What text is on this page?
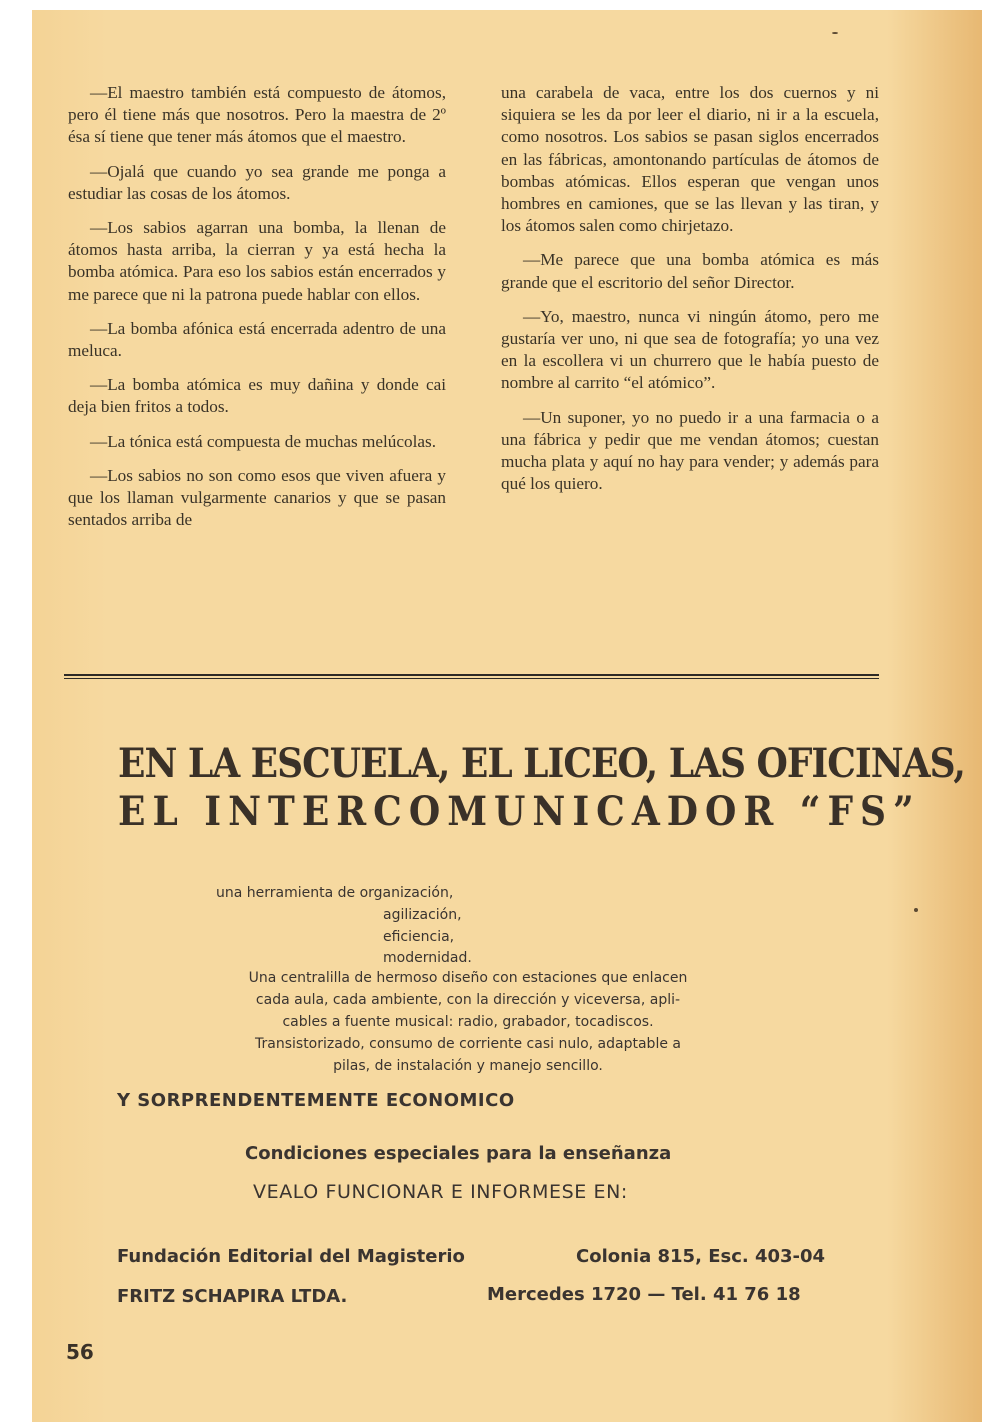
—El maestro también está compuesto de átomos, pero él tiene más que nosotros. Pero la maestra de 2º ésa sí tiene que tener más átomos que el maestro.

—Ojalá que cuando yo sea grande me ponga a estudiar las cosas de los átomos.

—Los sabios agarran una bomba, la llenan de átomos hasta arriba, la cierran y ya está hecha la bomba atómica. Para eso los sabios están encerrados y me parece que ni la patrona puede hablar con ellos.

—La bomba afónica está encerrada adentro de una meluca.

—La bomba atómica es muy dañina y donde cai deja bien fritos a todos.

—La tónica está compuesta de muchas melúcolas.

—Los sabios no son como esos que viven afuera y que los llaman vulgarmente canarios y que se pasan sentados arriba de

una carabela de vaca, entre los dos cuernos y ni siquiera se les da por leer el diario, ni ir a la escuela, como nosotros. Los sabios se pasan siglos encerrados en las fábricas, amontonando partículas de átomos de bombas atómicas. Ellos esperan que vengan unos hombres en camiones, que se las llevan y las tiran, y los átomos salen como chirjetazo.

—Me parece que una bomba atómica es más grande que el escritorio del señor Director.

—Yo, maestro, nunca vi ningún átomo, pero me gustaría ver uno, ni que sea de fotografía; yo una vez en la escollera vi un churrero que le había puesto de nombre al carrito “el atómico”.

—Un suponer, yo no puedo ir a una farmacia o a una fábrica y pedir que me vendan átomos; cuestan mucha plata y aquí no hay para vender; y además para qué los quiero.

EN LA ESCUELA, EL LICEO, LAS OFICINAS,
EL INTERCOMUNICADOR “FS”
una herramienta de organización,
agilización,
eficiencia,
modernidad.
Una centralilla de hermoso diseño con estaciones que enlacen
cada aula, cada ambiente, con la dirección y viceversa, apli-
cables a fuente musical: radio, grabador, tocadiscos.
Transistorizado, consumo de corriente casi nulo, adaptable a
pilas, de instalación y manejo sencillo.
Y SORPRENDENTEMENTE ECONOMICO
Condiciones especiales para la enseñanza
VEALO FUNCIONAR E INFORMESE EN:
Fundación Editorial del Magisterio	Colonia 815, Esc. 403-04
FRITZ SCHAPIRA LTDA.	Mercedes 1720 — Tel. 41 76 18
56
